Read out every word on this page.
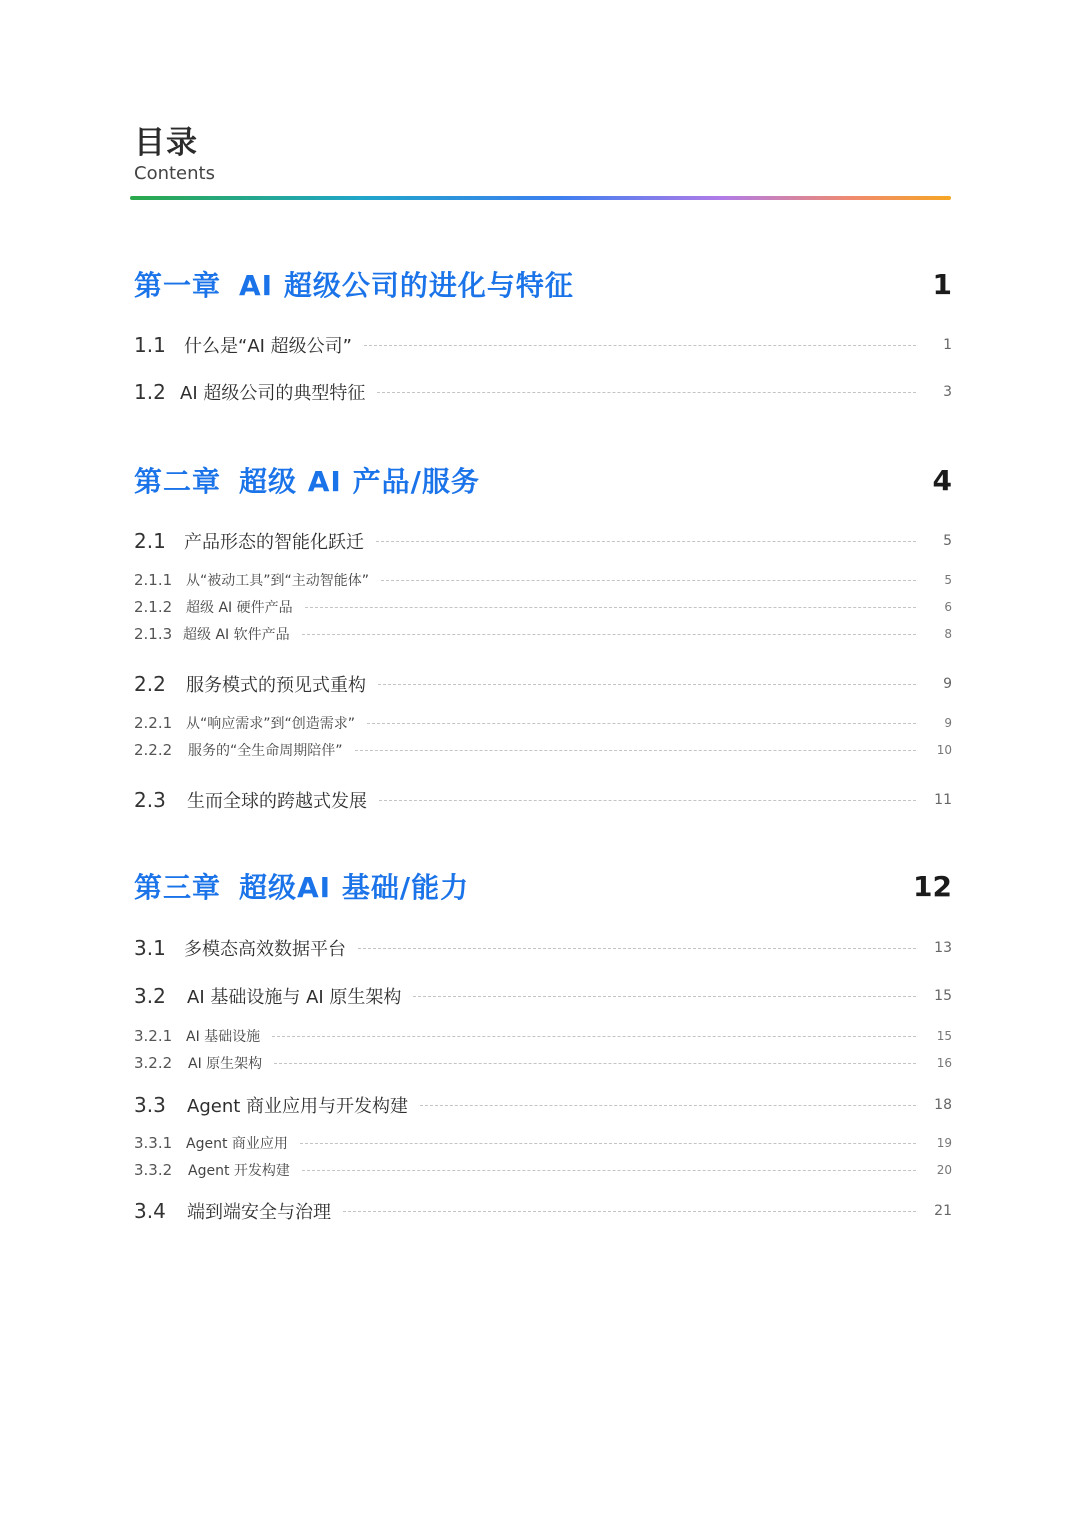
目录
Contents
第一章 AI 超级公司的进化与特征	1
1.1	什么是“AI 超级公司”	1
1.2 AI 超级公司的典型特征	3
第二章 超级 AI 产品/服务	4
2.1	产品形态的智能化跃迁	5
2.1.1 从“被动工具”到“主动智能体”	5
2.1.2 超级 AI 硬件产品	6
2.1.3 超级 AI 软件产品	8
2.2	服务模式的预见式重构	9
2.2.1 从“响应需求”到“创造需求”	9
2.2.2	服务的“全生命周期陪伴”	10
2.3	生而全球的跨越式发展	11
第三章 超级AI 基础/能力	12
3.1	多模态高效数据平台	13
3.2	AI 基础设施与 AI 原生架构	15
3.2.1 AI 基础设施	15
3.2.2	AI 原生架构	16
3.3	Agent 商业应用与开发构建	18
3.3.1 Agent 商业应用	19
3.3.2	Agent 开发构建	20
3.4	端到端安全与治理	21
